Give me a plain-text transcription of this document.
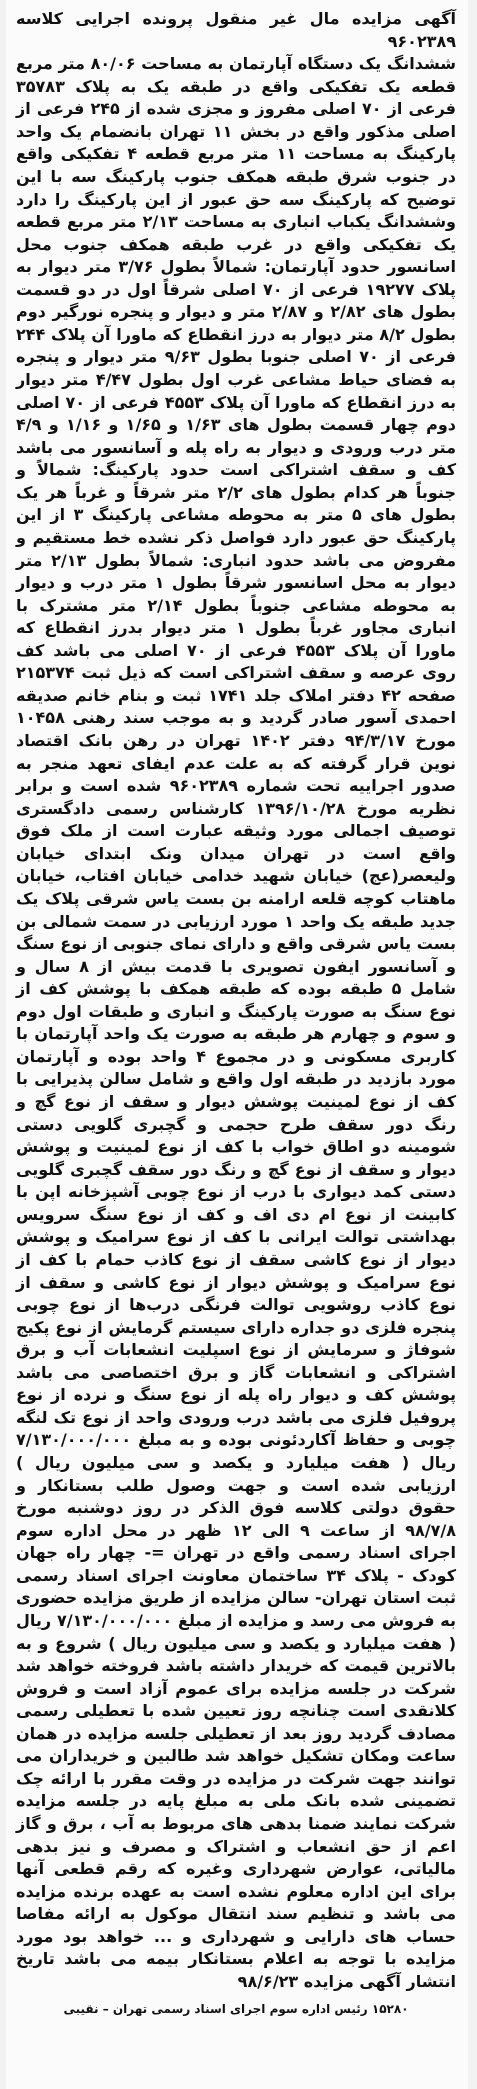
آگهی مزایده مال غیر منقول پرونده اجرایی کلاسه ۹۶۰۲۳۸۹

ششدانگ یک دستگاه آپارتمان به مساحت ۸۰/۰۶ متر مربع قطعه یک تفکیکی واقع در طبقه یک به پلاک ۳۵۷۸۳ فرعی از ۷۰ اصلی مفروز و مجزی شده از ۲۴۵ فرعی از اصلی مذکور واقع در بخش ۱۱ تهران بانضمام یک واحد پارکینگ به مساحت ۱۱ متر مربع قطعه ۴ تفکیکی واقع در جنوب شرق طبقه همکف جنوب پارکینگ سه با این توضیح که پارکینگ سه حق عبور از این پارکینگ را دارد وششدانگ یکباب انباری به مساحت ۲/۱۳ متر مربع قطعه یک تفکیکی واقع در غرب طبقه همکف جنوب محل اسانسور حدود آپارتمان: شمالاً بطول ۳/۷۶ متر دیوار به پلاک ۱۹۲۷۷ فرعی از ۷۰ اصلی شرقاً اول در دو قسمت بطول های ۲/۸۲ و ۲/۸۷ متر و دیوار و پنجره نورگیر دوم بطول ۸/۲ متر دیوار به درز انقطاع که ماورا آن پلاک ۲۴۴ فرعی از ۷۰ اصلی جنوبا بطول ۹/۶۳ متر دیوار و پنجره به فضای حیاط مشاعی غرب اول بطول ۴/۴۷ متر دیوار به درز انقطاع که ماورا آن پلاک ۴۵۵۳ فرعی از ۷۰ اصلی دوم چهار قسمت بطول های ۱/۶۳ و ۱/۶۵ و ۱/۱۶ و ۴/۹ متر درب ورودی و دیوار به راه پله و آسانسور می باشد کف و سقف اشتراکی است حدود پارکینگ: شمالاً و جنوباً هر کدام بطول های ۲/۲ متر شرقاً و غرباً هر یک بطول های ۵ متر به محوطه مشاعی پارکینگ ۳ از این پارکینگ حق عبور دارد فواصل ذکر نشده خط مستقیم و مفروض می باشد حدود انباری: شمالاً بطول ۲/۱۳ متر دیوار به محل اسانسور شرقاً بطول ۱ متر درب و دیوار به محوطه مشاعی جنوباً بطول ۲/۱۴ متر مشترک با انباری مجاور غرباً بطول ۱ متر دیوار بدرز انقطاع که ماورا آن پلاک ۴۵۵۳ فرعی از ۷۰ اصلی می باشد کف روی عرصه و سقف اشتراکی است که ذیل ثبت ۲۱۵۳۷۴ صفحه ۴۲ دفتر املاک جلد ۱۷۴۱ ثبت و بنام خانم صدیقه احمدی آسور صادر گردید و به موجب سند رهنی ۱۰۴۵۸ مورخ ۹۴/۳/۱۷ دفتر ۱۴۰۲ تهران در رهن بانک اقتصاد نوین قرار گرفته که به علت عدم ایفای تعهد منجر به صدور اجراییه تحت شماره ۹۶۰۲۳۸۹ شده است و برابر نظریه مورخ ۱۳۹۶/۱۰/۲۸ کارشناس رسمی دادگستری توصیف اجمالی مورد وثیقه عبارت است از ملک فوق واقع است در تهران میدان ونک ابتدای خیابان ولیعصر(عج) خیابان شهید خدامی خیابان افتاب، خیابان ماهتاب کوچه قلعه ارامنه بن بست یاس شرقی پلاک یک جدید طبقه یک واحد ۱ مورد ارزیابی در سمت شمالی بن بست یاس شرقی واقع و دارای نمای جنوبی از نوع سنگ و آسانسور ایفون تصویری با قدمت بیش از ۸ سال و شامل ۵ طبقه بوده که طبقه همکف با پوشش کف از نوع سنگ به صورت پارکینگ و انباری و طبقات اول دوم و سوم و چهارم هر طبقه به صورت یک واحد آپارتمان با کاربری مسکونی و در مجموع ۴ واحد بوده و آپارتمان مورد بازدید در طبقه اول واقع و شامل سالن پذیرایی با کف از نوع لمینیت پوشش دیوار و سقف از نوع گچ و رنگ دور سقف طرح حجمی و گچبری گلویی دستی شومینه دو اطاق خواب با کف از نوع لمینیت و پوشش دیوار و سقف از نوع گچ و رنگ دور سقف گچبری گلویی دستی کمد دیواری با درب از نوع چوبی آشپزخانه اپن با کابینت از نوع ام دی اف و کف از نوع سنگ سرویس بهداشتی توالت ایرانی با کف از نوع سرامیک و پوشش دیوار از نوع کاشی سقف از نوع کاذب حمام با کف از نوع سرامیک و پوشش دیوار از نوع کاشی و سقف از نوع کاذب روشویی توالت فرنگی درب‌ها از نوع چوبی پنجره فلزی دو جداره دارای سیستم گرمایش از نوع پکیج شوفاژ و سرمایش از نوع اسپلیت انشعابات آب و برق اشتراکی و انشعابات گاز و برق اختصاصی می باشد پوشش کف و دیوار راه پله از نوع سنگ و نرده از نوع پروفیل فلزی می باشد درب ورودی واحد از نوع تک لنگه چوبی و حفاظ آکاردئونی بوده و به مبلغ ۷/۱۳۰/۰۰۰/۰۰۰ ریال ( هفت میلیارد و یکصد و سی میلیون ریال ) ارزیابی شده است و جهت وصول طلب بستانکار و حقوق دولتی کلاسه فوق الذکر در روز دوشنبه مورخ ۹۸/۷/۸ از ساعت ۹ الی ۱۲ ظهر در محل اداره سوم اجرای اسناد رسمی واقع در تهران =- چهار راه جهان کودک - پلاک ۳۴ ساختمان معاونت اجرای اسناد رسمی ثبت استان تهران- سالن مزایده از طریق مزایده حضوری به فروش می رسد و مزایده از مبلغ ۷/۱۳۰/۰۰۰/۰۰۰ ریال ( هفت میلیارد و یکصد و سی میلیون ریال ) شروع و به بالاترین قیمت که خریدار داشته باشد فروخته خواهد شد شرکت در جلسه مزایده برای عموم آزاد است و فروش کلانقدی است چنانچه روز تعیین شده با تعطیلی رسمی مصادف گردید روز بعد از تعطیلی جلسه مزایده در همان ساعت ومکان تشکیل خواهد شد طالبین و خریداران می توانند جهت شرکت در مزایده در وقت مقرر با ارائه چک تضمینی شده بانک ملی به مبلغ پایه در جلسه مزایده شرکت نمایند ضمنا بدهی های مربوط به آب ، برق و گاز اعم از حق انشعاب و اشتراک و مصرف و نیز بدهی مالیاتی، عوارض شهرداری وغیره که رقم قطعی آنها برای این اداره معلوم نشده است به عهده برنده مزایده می باشد و تنظیم سند انتقال موکول به ارائه مفاصا حساب های دارایی و شهرداری و ... خواهد بود مورد مزایده با توجه به اعلام بستانکار بیمه می باشد تاریخ انتشار آگهی مزایده ۹۸/۶/۲۳

۱۵۲۸۰ رئیس اداره سوم اجرای اسناد رسمی تهران – نقیبی
